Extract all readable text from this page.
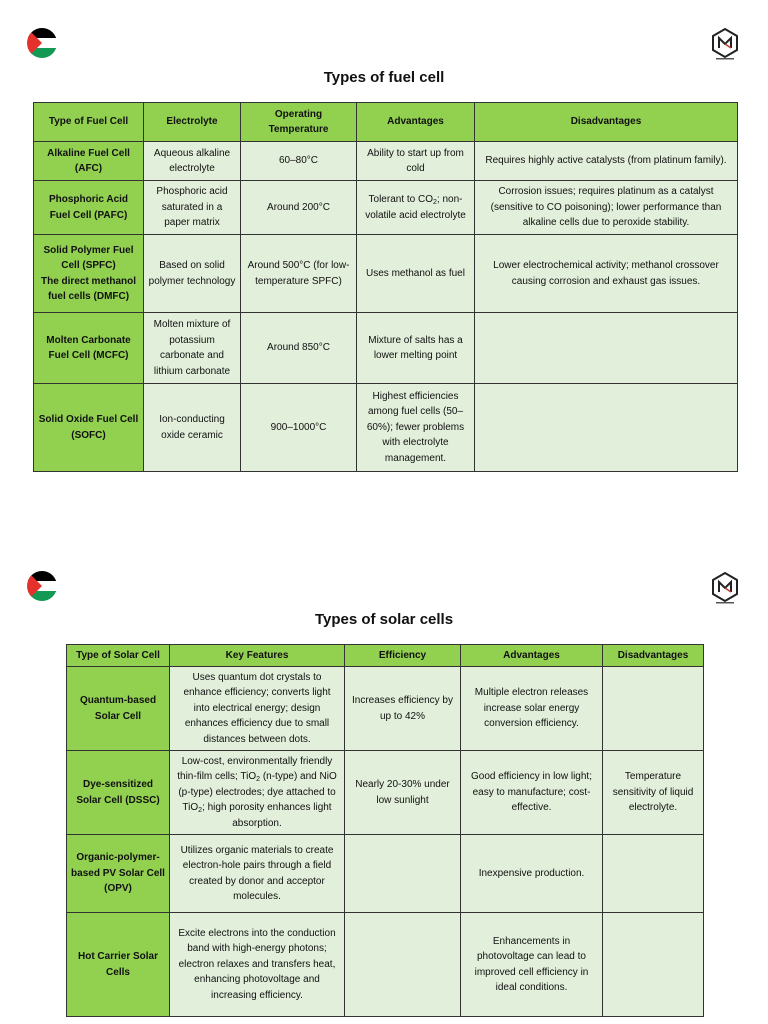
Types of fuel cell
Type of Fuel Cell	Electrolyte	Operating Temperature	Advantages	Disadvantages
Alkaline Fuel Cell (AFC)	Aqueous alkaline electrolyte	60–80°C	Ability to start up from cold	Requires highly active catalysts (from platinum family).
Phosphoric Acid Fuel Cell (PAFC)	Phosphoric acid saturated in a paper matrix	Around 200°C	Tolerant to $CO_2$; non-volatile acid electrolyte	Corrosion issues; requires platinum as a catalyst (sensitive to CO poisoning); lower performance than alkaline cells due to peroxide stability.

Solid Polymer Fuel Cell (SPFC)
The direct methanol fuel cells (DMFC)	Based on solid polymer technology	Around 500°C (for low-temperature SPFC)	Uses methanol as fuel	Lower electrochemical activity; methanol crossover causing corrosion and exhaust gas issues.
Molten Carbonate Fuel Cell (MCFC)	Molten mixture of potassium carbonate and lithium carbonate	Around 850°C	Mixture of salts has a lower melting point	
Solid Oxide Fuel Cell (SOFC)	Ion-conducting oxide ceramic	900–1000°C	Highest efficiencies among fuel cells (50–60%); fewer problems with electrolyte management.	
Types of solar cells
Type of Solar Cell	Key Features	Efficiency	Advantages	Disadvantages
Quantum-based Solar Cell	Uses quantum dot crystals to enhance efficiency; converts light into electrical energy; design enhances efficiency due to small distances between dots.	Increases efficiency by up to 42%	Multiple electron releases increase solar energy conversion efficiency.	
Dye-sensitized Solar Cell (DSSC)	Low-cost, environmentally friendly thin-film cells; TiO$_2$ (n-type) and NiO (p-type) electrodes; dye attached to TiO$_2$; high porosity enhances light absorption.	Nearly 20-30% under low sunlight	Good efficiency in low light; easy to manufacture; cost-effective.	Temperature sensitivity of liquid electrolyte.
Organic-polymer-based PV Solar Cell (OPV)	Utilizes organic materials to create electron-hole pairs through a field created by donor and acceptor molecules.		Inexpensive production.	
Hot Carrier Solar Cells	Excite electrons into the conduction band with high-energy photons; electron relaxes and transfers heat, enhancing photovoltage and increasing efficiency.		Enhancements in photovoltage can lead to improved cell efficiency in ideal conditions.	
